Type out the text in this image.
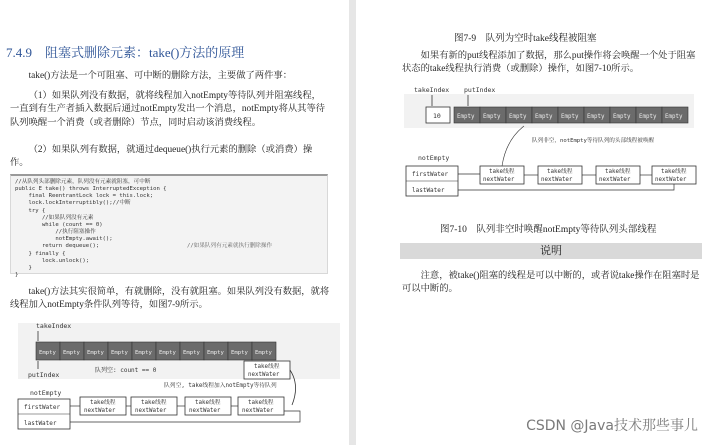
7.4.9　阻塞式删除元素：take()方法的原理
take()方法是一个可阻塞、可中断的删除方法，主要做了两件事：
（1）如果队列没有数据，就将线程加入notEmpty等待队列并阻塞线程，一直到有生产者插入数据后通过notEmpty发出一个消息，notEmpty将从其等待队列唤醒一个消费（或者删除）节点，同时启动该消费线程。
（2）如果队列有数据，就通过dequeue()执行元素的删除（或消费）操作。
//从队列头部删除元素，队列没有元素就阻塞，可中断
public E take() throws InterruptedException {
final ReentrantLock lock = this.lock;
lock.lockInterruptibly();//中断
try {
//如果队列没有元素
while (count == 0)
//执行阻塞操作
notEmpty.await();
return dequeue();	//如果队列有元素就执行删除操作
} finally {
lock.unlock();
}
}
take()方法其实很简单，有就删除，没有就阻塞。如果队列没有数据，就将线程加入notEmpty条件队列等待，如图7-9所示。
takeIndex
Empty Empty Empty Empty Empty Empty Empty Empty Empty Empty
putIndex
队列空: count == 0
队列空, take线程加入notEmpty等待队列
notEmpty
firstWater
lastWater
take线程
nextWater
take线程
nextWater
take线程
nextWater
take线程
nextWater
take线程
nextWater
图7-9　队列为空时take线程被阻塞
如果有新的put线程添加了数据，那么put操作将会唤醒一个处于阻塞状态的take线程执行消费（或删除）操作，如图7-10所示。
takeIndex putIndex
10	Empty Empty Empty Empty Empty Empty Empty Empty Empty
队列非空，notEmpty等待队列的头部线程被唤醒
notEmpty
firstWater
lastWater
take线程
nextWater
take线程
nextWater
take线程
nextWater
take线程
nextWater
图7-10　队列非空时唤醒notEmpty等待队列头部线程
说明
注意，被take()阻塞的线程是可以中断的，或者说take操作在阻塞时是可以中断的。
CSDN @Java技术那些事儿
